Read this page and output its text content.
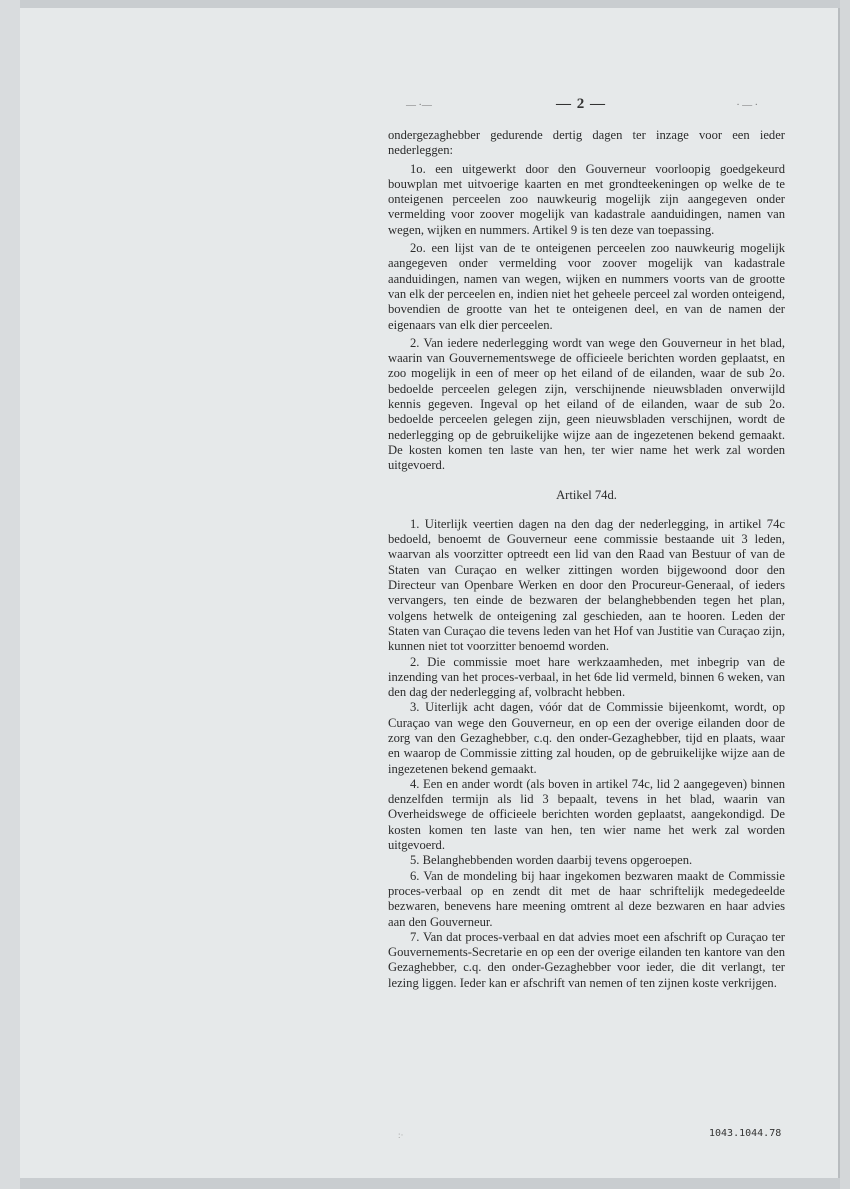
— ·—	— 2 —	· — ·

ondergezaghebber gedurende dertig dagen ter inzage voor een ieder nederleggen:

1o. een uitgewerkt door den Gouverneur voorloopig goedgekeurd bouwplan met uitvoerige kaarten en met grondteekeningen op welke de te onteigenen perceelen zoo nauwkeurig mogelijk zijn aangegeven onder vermelding voor zoover mogelijk van kadastrale aanduidingen, namen van wegen, wijken en nummers. Artikel 9 is ten deze van toepassing.

2o. een lijst van de te onteigenen perceelen zoo nauwkeurig mogelijk aangegeven onder vermelding voor zoover mogelijk van kadastrale aanduidingen, namen van wegen, wijken en nummers voorts van de grootte van elk der perceelen en, indien niet het geheele perceel zal worden onteigend, bovendien de grootte van het te onteigenen deel, en van de namen der eigenaars van elk dier perceelen.

2. Van iedere nederlegging wordt van wege den Gouverneur in het blad, waarin van Gouvernementswege de officieele berichten worden geplaatst, en zoo mogelijk in een of meer op het eiland of de eilanden, waar de sub 2o. bedoelde perceelen gelegen zijn, verschijnende nieuwsbladen onverwijld kennis gegeven. Ingeval op het eiland of de eilanden, waar de sub 2o. bedoelde perceelen gelegen zijn, geen nieuwsbladen verschijnen, wordt de nederlegging op de gebruikelijke wijze aan de ingezetenen bekend gemaakt. De kosten komen ten laste van hen, ter wier name het werk zal worden uitgevoerd.

Artikel 74d.

1. Uiterlijk veertien dagen na den dag der nederlegging, in artikel 74c bedoeld, benoemt de Gouverneur eene commissie bestaande uit 3 leden, waarvan als voorzitter optreedt een lid van den Raad van Bestuur of van de Staten van Curaçao en welker zittingen worden bijgewoond door den Directeur van Openbare Werken en door den Procureur-Generaal, of ieders vervangers, ten einde de bezwaren der belanghebbenden tegen het plan, volgens hetwelk de onteigening zal geschieden, aan te hooren. Leden der Staten van Curaçao die tevens leden van het Hof van Justitie van Curaçao zijn, kunnen niet tot voorzitter benoemd worden.

2. Die commissie moet hare werkzaamheden, met inbegrip van de inzending van het proces-verbaal, in het 6de lid vermeld, binnen 6 weken, van den dag der nederlegging af, volbracht hebben.

3. Uiterlijk acht dagen, vóór dat de Commissie bijeenkomt, wordt, op Curaçao van wege den Gouverneur, en op een der overige eilanden door de zorg van den Gezaghebber, c.q. den onder-Gezaghebber, tijd en plaats, waar en waarop de Commissie zitting zal houden, op de gebruikelijke wijze aan de ingezetenen bekend gemaakt.

4. Een en ander wordt (als boven in artikel 74c, lid 2 aangegeven) binnen denzelfden termijn als lid 3 bepaalt, tevens in het blad, waarin van Overheidswege de officieele berichten worden geplaatst, aangekondigd. De kosten komen ten laste van hen, ten wier name het werk zal worden uitgevoerd.

5. Belanghebbenden worden daarbij tevens opgeroepen.

6. Van de mondeling bij haar ingekomen bezwaren maakt de Commissie proces-verbaal op en zendt dit met de haar schriftelijk medegedeelde bezwaren, benevens hare meening omtrent al deze bezwaren en haar advies aan den Gouverneur.

7. Van dat proces-verbaal en dat advies moet een afschrift op Curaçao ter Gouvernements-Secretarie en op een der overige eilanden ten kantore van den Gezaghebber, c.q. den onder-Gezaghebber voor ieder, die dit verlangt, ter lezing liggen. Ieder kan er afschrift van nemen of ten zijnen koste verkrijgen.

:·	1043.1044.78
